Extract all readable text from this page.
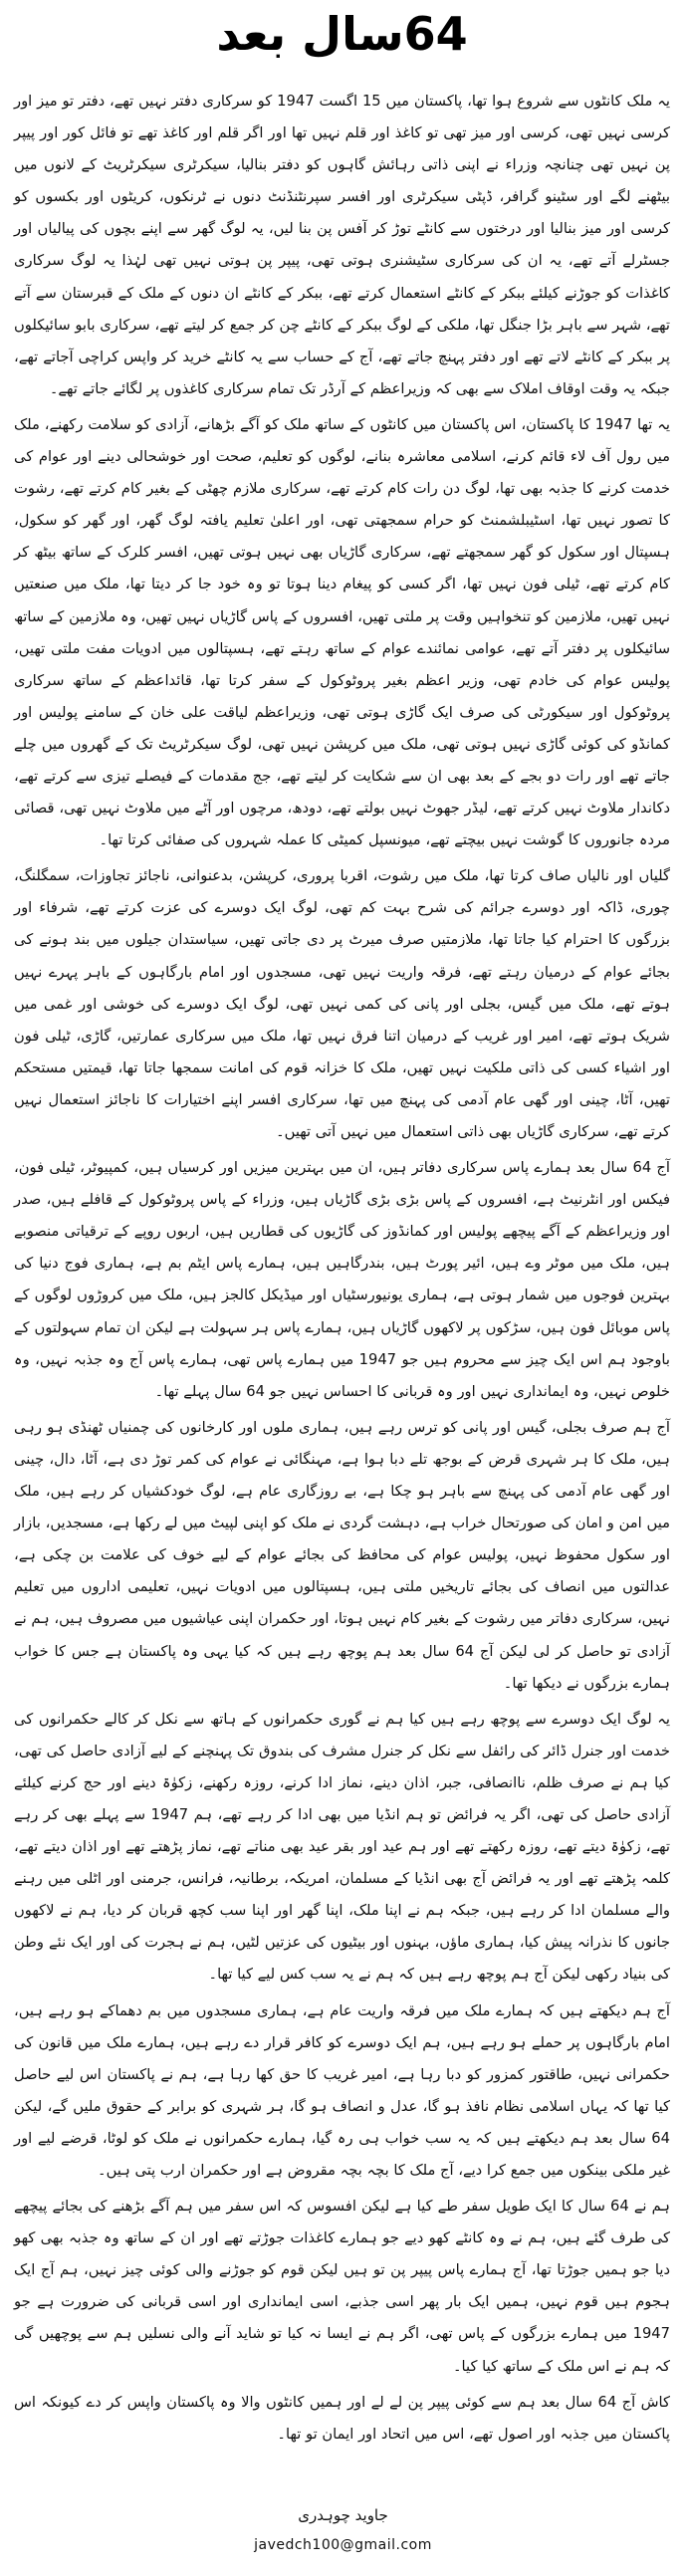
64سال بعد

یہ ملک کانٹوں سے شروع ہوا تھا، پاکستان میں 15 اگست 1947 کو سرکاری دفتر نہیں تھے، دفتر تو میز اور کرسی نہیں تھی، کرسی اور میز تھی تو کاغذ اور قلم نہیں تھا اور اگر قلم اور کاغذ تھے تو فائل کور اور پیپر پن نہیں تھی چنانچہ وزراء نے اپنی ذاتی رہائش گاہوں کو دفتر بنالیا، سیکرٹری سیکرٹریٹ کے لانوں میں بیٹھنے لگے اور سٹینو گرافر، ڈپٹی سیکرٹری اور افسر سپرنٹنڈنٹ دنوں نے ٹرنکوں، کریٹوں اور بکسوں کو کرسی اور میز بنالیا اور درختوں سے کانٹے توڑ کر آفس پن بنا لیں، یہ لوگ گھر سے اپنے بچوں کی پیالیاں اور جسٹرلے آتے تھے، یہ ان کی سرکاری سٹیشنری ہوتی تھی، پیپر پن ہوتی نہیں تھی لہٰذا یہ لوگ سرکاری کاغذات کو جوڑنے کیلئے ببکر کے کانٹے استعمال کرتے تھے، ببکر کے کانٹے ان دنوں کے ملک کے قبرستان سے آتے تھے، شہر سے باہر بڑا جنگل تھا، ملکی کے لوگ ببکر کے کانٹے چن کر جمع کر لیتے تھے، سرکاری بابو سائیکلوں پر ببکر کے کانٹے لاتے تھے اور دفتر پہنچ جاتے تھے، آج کے حساب سے یہ کانٹے خرید کر واپس کراچی آجاتے تھے، جبکہ یہ وقت اوقاف املاک سے بھی کہ وزیراعظم کے آرڈر تک تمام سرکاری کاغذوں پر لگائے جاتے تھے۔

یہ تھا 1947 کا پاکستان، اس پاکستان میں کانٹوں کے ساتھ ملک کو آگے بڑھانے، آزادی کو سلامت رکھنے، ملک میں رول آف لاء قائم کرنے، اسلامی معاشرہ بنانے، لوگوں کو تعلیم، صحت اور خوشحالی دینے اور عوام کی خدمت کرنے کا جذبہ بھی تھا، لوگ دن رات کام کرتے تھے، سرکاری ملازم چھٹی کے بغیر کام کرتے تھے، رشوت کا تصور نہیں تھا، اسٹیبلشمنٹ کو حرام سمجھتی تھی، اور اعلیٰ تعلیم یافتہ لوگ گھر، اور گھر کو سکول، ہسپتال اور سکول کو گھر سمجھتے تھے، سرکاری گاڑیاں بھی نہیں ہوتی تھیں، افسر کلرک کے ساتھ بیٹھ کر کام کرتے تھے، ٹیلی فون نہیں تھا، اگر کسی کو پیغام دینا ہوتا تو وہ خود جا کر دیتا تھا، ملک میں صنعتیں نہیں تھیں، ملازمین کو تنخواہیں وقت پر ملتی تھیں، افسروں کے پاس گاڑیاں نہیں تھیں، وہ ملازمین کے ساتھ سائیکلوں پر دفتر آتے تھے، عوامی نمائندے عوام کے ساتھ رہتے تھے، ہسپتالوں میں ادویات مفت ملتی تھیں، پولیس عوام کی خادم تھی، وزیر اعظم بغیر پروٹوکول کے سفر کرتا تھا، قائداعظم کے ساتھ سرکاری پروٹوکول اور سیکورٹی کی صرف ایک گاڑی ہوتی تھی، وزیراعظم لیاقت علی خان کے سامنے پولیس اور کمانڈو کی کوئی گاڑی نہیں ہوتی تھی، ملک میں کرپشن نہیں تھی، لوگ سیکرٹریٹ تک کے گھروں میں چلے جاتے تھے اور رات دو بجے کے بعد بھی ان سے شکایت کر لیتے تھے، جج مقدمات کے فیصلے تیزی سے کرتے تھے، دکاندار ملاوٹ نہیں کرتے تھے، لیڈر جھوٹ نہیں بولتے تھے، دودھ، مرچوں اور آٹے میں ملاوٹ نہیں تھی، قصائی مردہ جانوروں کا گوشت نہیں بیچتے تھے، میونسپل کمیٹی کا عملہ شہروں کی صفائی کرتا تھا۔

گلیاں اور نالیاں صاف کرتا تھا، ملک میں رشوت، اقربا پروری، کرپشن، بدعنوانی، ناجائز تجاوزات، سمگلنگ، چوری، ڈاکہ اور دوسرے جرائم کی شرح بہت کم تھی، لوگ ایک دوسرے کی عزت کرتے تھے، شرفاء اور بزرگوں کا احترام کیا جاتا تھا، ملازمتیں صرف میرٹ پر دی جاتی تھیں، سیاستدان جیلوں میں بند ہونے کی بجائے عوام کے درمیان رہتے تھے، فرقہ واریت نہیں تھی، مسجدوں اور امام بارگاہوں کے باہر پہرے نہیں ہوتے تھے، ملک میں گیس، بجلی اور پانی کی کمی نہیں تھی، لوگ ایک دوسرے کی خوشی اور غمی میں شریک ہوتے تھے، امیر اور غریب کے درمیان اتنا فرق نہیں تھا، ملک میں سرکاری عمارتیں، گاڑی، ٹیلی فون اور اشیاء کسی کی ذاتی ملکیت نہیں تھیں، ملک کا خزانہ قوم کی امانت سمجھا جاتا تھا، قیمتیں مستحکم تھیں، آٹا، چینی اور گھی عام آدمی کی پہنچ میں تھا، سرکاری افسر اپنے اختیارات کا ناجائز استعمال نہیں کرتے تھے، سرکاری گاڑیاں بھی ذاتی استعمال میں نہیں آتی تھیں۔

آج 64 سال بعد ہمارے پاس سرکاری دفاتر ہیں، ان میں بہترین میزیں اور کرسیاں ہیں، کمپیوٹر، ٹیلی فون، فیکس اور انٹرنیٹ ہے، افسروں کے پاس بڑی بڑی گاڑیاں ہیں، وزراء کے پاس پروٹوکول کے قافلے ہیں، صدر اور وزیراعظم کے آگے پیچھے پولیس اور کمانڈوز کی گاڑیوں کی قطاریں ہیں، اربوں روپے کے ترقیاتی منصوبے ہیں، ملک میں موٹر وے ہیں، ائیر پورٹ ہیں، بندرگاہیں ہیں، ہمارے پاس ایٹم بم ہے، ہماری فوج دنیا کی بہترین فوجوں میں شمار ہوتی ہے، ہماری یونیورسٹیاں اور میڈیکل کالجز ہیں، ملک میں کروڑوں لوگوں کے پاس موبائل فون ہیں، سڑکوں پر لاکھوں گاڑیاں ہیں، ہمارے پاس ہر سہولت ہے لیکن ان تمام سہولتوں کے باوجود ہم اس ایک چیز سے محروم ہیں جو 1947 میں ہمارے پاس تھی، ہمارے پاس آج وہ جذبہ نہیں، وہ خلوص نہیں، وہ ایمانداری نہیں اور وہ قربانی کا احساس نہیں جو 64 سال پہلے تھا۔

آج ہم صرف بجلی، گیس اور پانی کو ترس رہے ہیں، ہماری ملوں اور کارخانوں کی چمنیاں ٹھنڈی ہو رہی ہیں، ملک کا ہر شہری قرض کے بوجھ تلے دبا ہوا ہے، مہنگائی نے عوام کی کمر توڑ دی ہے، آٹا، دال، چینی اور گھی عام آدمی کی پہنچ سے باہر ہو چکا ہے، بے روزگاری عام ہے، لوگ خودکشیاں کر رہے ہیں، ملک میں امن و امان کی صورتحال خراب ہے، دہشت گردی نے ملک کو اپنی لپیٹ میں لے رکھا ہے، مسجدیں، بازار اور سکول محفوظ نہیں، پولیس عوام کی محافظ کی بجائے عوام کے لیے خوف کی علامت بن چکی ہے، عدالتوں میں انصاف کی بجائے تاریخیں ملتی ہیں، ہسپتالوں میں ادویات نہیں، تعلیمی اداروں میں تعلیم نہیں، سرکاری دفاتر میں رشوت کے بغیر کام نہیں ہوتا، اور حکمران اپنی عیاشیوں میں مصروف ہیں، ہم نے آزادی تو حاصل کر لی لیکن آج 64 سال بعد ہم پوچھ رہے ہیں کہ کیا یہی وہ پاکستان ہے جس کا خواب ہمارے بزرگوں نے دیکھا تھا۔

یہ لوگ ایک دوسرے سے پوچھ رہے ہیں کیا ہم نے گوری حکمرانوں کے ہاتھ سے نکل کر کالے حکمرانوں کی خدمت اور جنرل ڈائر کی رائفل سے نکل کر جنرل مشرف کی بندوق تک پہنچنے کے لیے آزادی حاصل کی تھی، کیا ہم نے صرف ظلم، ناانصافی، جبر، اذان دینے، نماز ادا کرنے، روزہ رکھنے، زکوٰۃ دینے اور حج کرنے کیلئے آزادی حاصل کی تھی، اگر یہ فرائض تو ہم انڈیا میں بھی ادا کر رہے تھے، ہم 1947 سے پہلے بھی کر رہے تھے، زکوٰۃ دیتے تھے، روزہ رکھتے تھے اور ہم عید اور بقر عید بھی مناتے تھے، نماز پڑھتے تھے اور اذان دیتے تھے، کلمہ پڑھتے تھے اور یہ فرائض آج بھی انڈیا کے مسلمان، امریکہ، برطانیہ، فرانس، جرمنی اور اٹلی میں رہنے والے مسلمان ادا کر رہے ہیں، جبکہ ہم نے اپنا ملک، اپنا گھر اور اپنا سب کچھ قربان کر دیا، ہم نے لاکھوں جانوں کا نذرانہ پیش کیا، ہماری ماؤں، بہنوں اور بیٹیوں کی عزتیں لٹیں، ہم نے ہجرت کی اور ایک نئے وطن کی بنیاد رکھی لیکن آج ہم پوچھ رہے ہیں کہ ہم نے یہ سب کس لیے کیا تھا۔

آج ہم دیکھتے ہیں کہ ہمارے ملک میں فرقہ واریت عام ہے، ہماری مسجدوں میں بم دھماکے ہو رہے ہیں، امام بارگاہوں پر حملے ہو رہے ہیں، ہم ایک دوسرے کو کافر قرار دے رہے ہیں، ہمارے ملک میں قانون کی حکمرانی نہیں، طاقتور کمزور کو دبا رہا ہے، امیر غریب کا حق کھا رہا ہے، ہم نے پاکستان اس لیے حاصل کیا تھا کہ یہاں اسلامی نظام نافذ ہو گا، عدل و انصاف ہو گا، ہر شہری کو برابر کے حقوق ملیں گے، لیکن 64 سال بعد ہم دیکھتے ہیں کہ یہ سب خواب ہی رہ گیا، ہمارے حکمرانوں نے ملک کو لوٹا، قرضے لیے اور غیر ملکی بینکوں میں جمع کرا دیے، آج ملک کا بچہ بچہ مقروض ہے اور حکمران ارب پتی ہیں۔

ہم نے 64 سال کا ایک طویل سفر طے کیا ہے لیکن افسوس کہ اس سفر میں ہم آگے بڑھنے کی بجائے پیچھے کی طرف گئے ہیں، ہم نے وہ کانٹے کھو دیے جو ہمارے کاغذات جوڑتے تھے اور ان کے ساتھ وہ جذبہ بھی کھو دیا جو ہمیں جوڑتا تھا، آج ہمارے پاس پیپر پن تو ہیں لیکن قوم کو جوڑنے والی کوئی چیز نہیں، ہم آج ایک ہجوم ہیں قوم نہیں، ہمیں ایک بار پھر اسی جذبے، اسی ایمانداری اور اسی قربانی کی ضرورت ہے جو 1947 میں ہمارے بزرگوں کے پاس تھی، اگر ہم نے ایسا نہ کیا تو شاید آنے والی نسلیں ہم سے پوچھیں گی کہ ہم نے اس ملک کے ساتھ کیا کیا۔

کاش آج 64 سال بعد ہم سے کوئی پیپر پن لے لے اور ہمیں کانٹوں والا وہ پاکستان واپس کر دے کیونکہ اس پاکستان میں جذبہ اور اصول تھے، اس میں اتحاد اور ایمان تو تھا۔

جاوید چوہدری
javedch100@gmail.com
